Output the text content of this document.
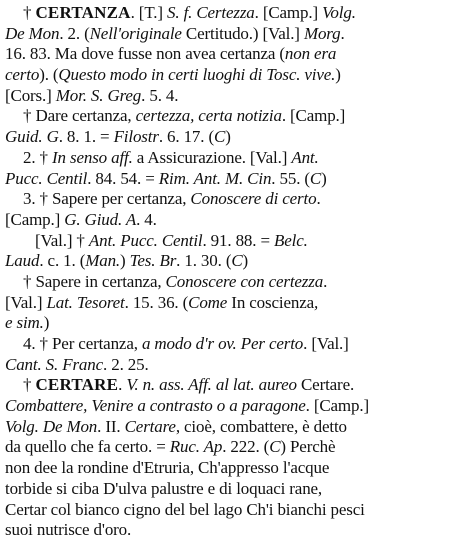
† CERTANZA. [T.] S. f. Certezza. [Camp.] Volg.
De Mon. 2. (Nell'originale Certitudo.) [Val.] Morg.
16. 83. Ma dove fusse non avea certanza (non era
certo). (Questo modo in certi luoghi di Tosc. vive.)
[Cors.] Mor. S. Greg. 5. 4.
† Dare certanza, certezza, certa notizia. [Camp.]
Guid. G. 8. 1. = Filostr. 6. 17. (C)
2. † In senso aff. a Assicurazione. [Val.] Ant.
Pucc. Centil. 84. 54. = Rim. Ant. M. Cin. 55. (C)
3. † Sapere per certanza, Conoscere di certo.
[Camp.] G. Giud. A. 4.
[Val.] † Ant. Pucc. Centil. 91. 88. = Belc.
Laud. c. 1. (Man.) Tes. Br. 1. 30. (C)
† Sapere in certanza, Conoscere con certezza.
[Val.] Lat. Tesoret. 15. 36. (Come In coscienza,
e sim.)
4. † Per certanza, a modo d'r ov. Per certo. [Val.]
Cant. S. Franc. 2. 25.
† CERTARE. V. n. ass. Aff. al lat. aureo Certare.
Combattere, Venire a contrasto o a paragone. [Camp.]
Volg. De Mon. II. Certare, cioè, combattere, è detto
da quello che fa certo. = Ruc. Ap. 222. (C) Perchè
non dee la rondine d'Etruria, Ch'appresso l'acque
torbide si ciba D'ulva palustre e di loquaci rane,
Certar col bianco cigno del bel lago Ch'i bianchi pesci
suoi nutrisce d'oro.
